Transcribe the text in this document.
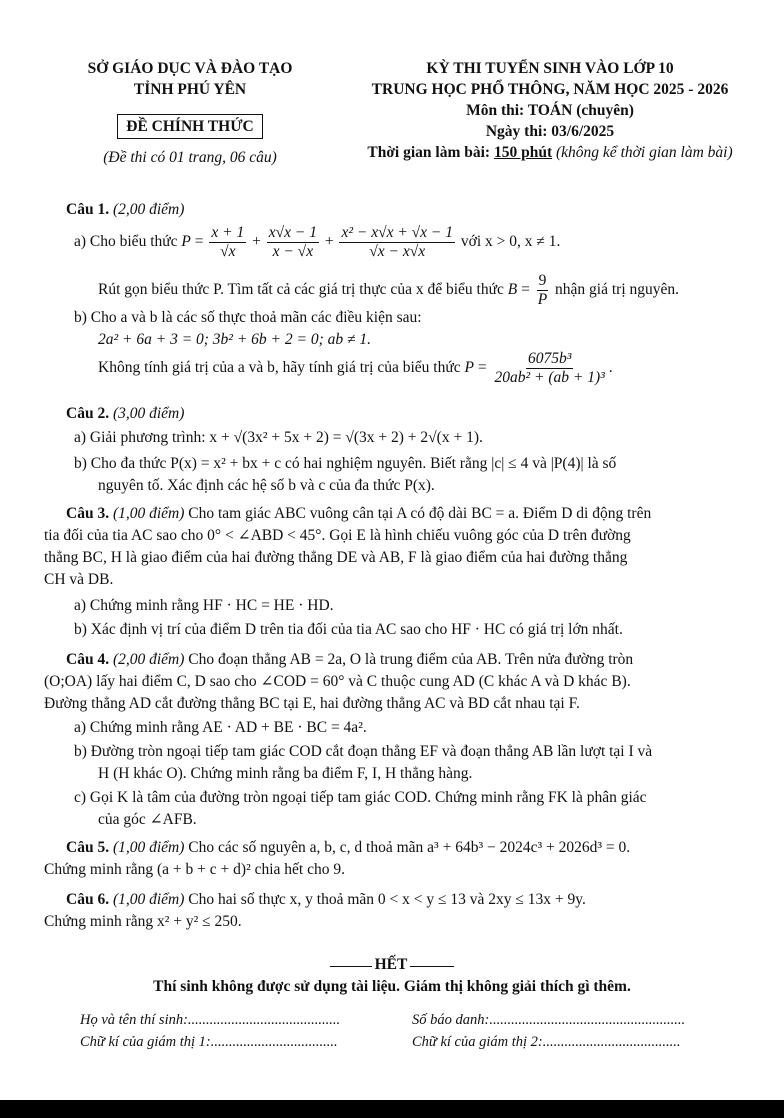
SỞ GIÁO DỤC VÀ ĐÀO TẠO
TỈNH PHÚ YÊN
ĐỀ CHÍNH THỨC
(Đề thi có 01 trang, 06 câu)
KỲ THI TUYỂN SINH VÀO LỚP 10
TRUNG HỌC PHỔ THÔNG, NĂM HỌC 2025 - 2026
Môn thi: TOÁN (chuyên)
Ngày thi: 03/6/2025
Thời gian làm bài: 150 phút (không kể thời gian làm bài)
Câu 1. (2,00 điểm)
a) Cho biểu thức $P = \frac{x + 1}{√x} + \frac{x√x - 1}{x - √x} + \frac{\text{x² − x√x + √x − 1}}{√x - x√x}$ với x > 0, x ≠ 1.
Rút gọn biểu thức P. Tìm tất cả các giá trị thực của x để biểu thức $B = \frac{9}{P}$ nhận giá trị nguyên.
b) Cho a và b là các số thực thoả mãn các điều kiện sau:
2a² + 6a + 3 = 0; 3b² + 6b + 2 = 0; ab ≠ 1.
Không tính giá trị của a và b, hãy tính giá trị của biểu thức $P = \frac{\text{6075b³}}{\text{20ab² + (ab + 1)³}}$ .
Câu 2. (3,00 điểm)
a) Giải phương trình: x + √(3x² + 5x + 2) = √(3x + 2) + 2√(x + 1).
b) Cho đa thức P(x) = x² + bx + c có hai nghiệm nguyên. Biết rằng |c| ≤ 4 và |P(4)| là số
nguyên tố. Xác định các hệ số b và c của đa thức P(x).
Câu 3. (1,00 điểm) Cho tam giác ABC vuông cân tại A có độ dài BC = a. Điểm D di động trên
tia đối của tia AC sao cho 0° < ∠ABD < 45°. Gọi E là hình chiếu vuông góc của D trên đường
thẳng BC, H là giao điểm của hai đường thẳng DE và AB, F là giao điểm của hai đường thẳng
CH và DB.
a) Chứng minh rằng HF · HC = HE · HD.
b) Xác định vị trí của điểm D trên tia đối của tia AC sao cho HF · HC có giá trị lớn nhất.
Câu 4. (2,00 điểm) Cho đoạn thẳng AB = 2a, O là trung điểm của AB. Trên nửa đường tròn
(O;OA) lấy hai điểm C, D sao cho ∠COD = 60° và C thuộc cung AD (C khác A và D khác B).
Đường thẳng AD cắt đường thẳng BC tại E, hai đường thẳng AC và BD cắt nhau tại F.
a) Chứng minh rằng AE · AD + BE · BC = 4a².
b) Đường tròn ngoại tiếp tam giác COD cắt đoạn thẳng EF và đoạn thẳng AB lần lượt tại I và
H (H khác O). Chứng minh rằng ba điểm F, I, H thẳng hàng.
c) Gọi K là tâm của đường tròn ngoại tiếp tam giác COD. Chứng minh rằng FK là phân giác
của góc ∠AFB.
Câu 5. (1,00 điểm) Cho các số nguyên a, b, c, d thoả mãn a³ + 64b³ − 2024c³ + 2026d³ = 0.
Chứng minh rằng (a + b + c + d)² chia hết cho 9.
Câu 6. (1,00 điểm) Cho hai số thực x, y thoả mãn 0 < x < y ≤ 13 và 2xy ≤ 13x + 9y.
Chứng minh rằng x² + y² ≤ 250.
HẾT
Thí sinh không được sử dụng tài liệu. Giám thị không giải thích gì thêm.
Họ và tên thí sinh:..........................................	Số báo danh:......................................................
Chữ kí của giám thị 1:...................................	Chữ kí của giám thị 2:......................................
